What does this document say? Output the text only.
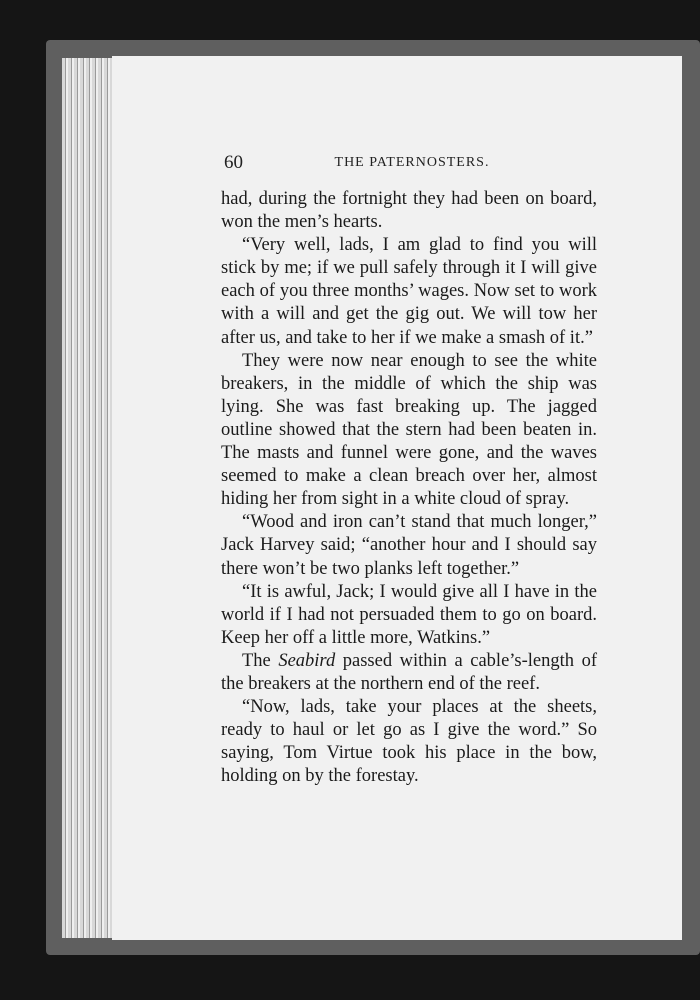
60	THE PATERNOSTERS.

had, during the fortnight they had been on board, won the men’s hearts.

“Very well, lads, I am glad to find you will stick by me; if we pull safely through it I will give each of you three months’ wages. Now set to work with a will and get the gig out. We will tow her after us, and take to her if we make a smash of it.”

They were now near enough to see the white breakers, in the middle of which the ship was lying. She was fast breaking up. The jagged outline showed that the stern had been beaten in. The masts and funnel were gone, and the waves seemed to make a clean breach over her, almost hiding her from sight in a white cloud of spray.

“Wood and iron can’t stand that much longer,” Jack Harvey said; “another hour and I should say there won’t be two planks left together.”

“It is awful, Jack; I would give all I have in the world if I had not persuaded them to go on board. Keep her off a little more, Watkins.”

The Seabird passed within a cable’s-length of the breakers at the northern end of the reef.

“Now, lads, take your places at the sheets, ready to haul or let go as I give the word.” So saying, Tom Virtue took his place in the bow, holding on by the forestay.
